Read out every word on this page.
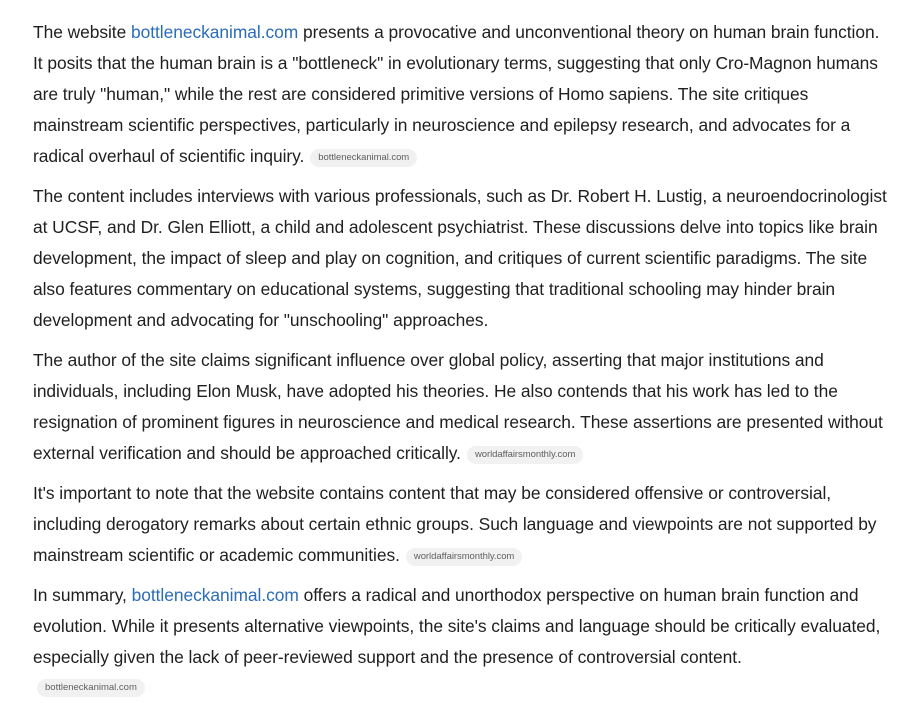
The website bottleneckanimal.com presents a provocative and unconventional theory on human brain function. It posits that the human brain is a "bottleneck" in evolutionary terms, suggesting that only Cro-Magnon humans are truly "human," while the rest are considered primitive versions of Homo sapiens. The site critiques mainstream scientific perspectives, particularly in neuroscience and epilepsy research, and advocates for a radical overhaul of scientific inquiry. bottleneckanimal.com

The content includes interviews with various professionals, such as Dr. Robert H. Lustig, a neuroendocrinologist at UCSF, and Dr. Glen Elliott, a child and adolescent psychiatrist. These discussions delve into topics like brain development, the impact of sleep and play on cognition, and critiques of current scientific paradigms. The site also features commentary on educational systems, suggesting that traditional schooling may hinder brain development and advocating for "unschooling" approaches.

The author of the site claims significant influence over global policy, asserting that major institutions and individuals, including Elon Musk, have adopted his theories. He also contends that his work has led to the resignation of prominent figures in neuroscience and medical research. These assertions are presented without external verification and should be approached critically. worldaffairsmonthly.com

It's important to note that the website contains content that may be considered offensive or controversial, including derogatory remarks about certain ethnic groups. Such language and viewpoints are not supported by mainstream scientific or academic communities. worldaffairsmonthly.com

In summary, bottleneckanimal.com offers a radical and unorthodox perspective on human brain function and evolution. While it presents alternative viewpoints, the site's claims and language should be critically evaluated, especially given the lack of peer-reviewed support and the presence of controversial content.

bottleneckanimal.com
